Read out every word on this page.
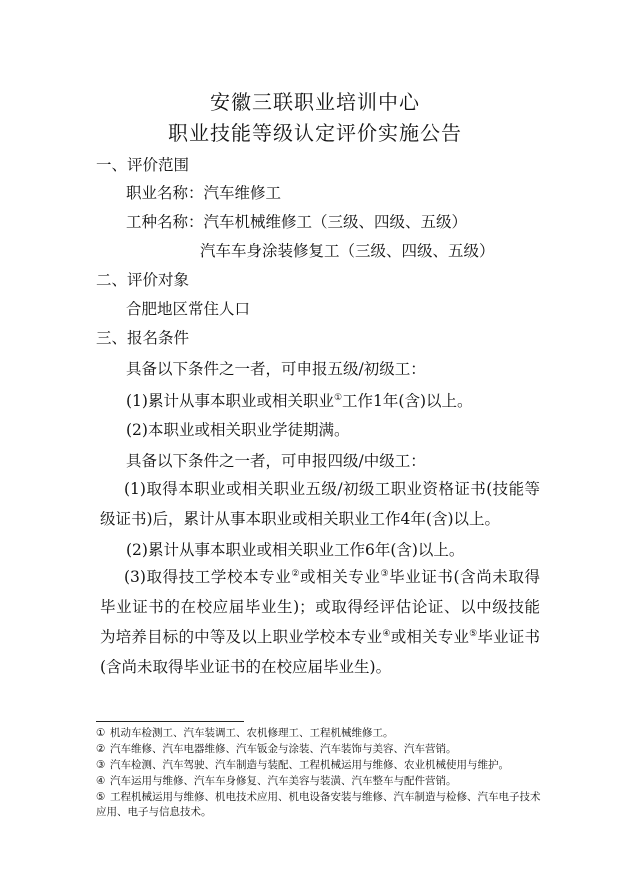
安徽三联职业培训中心
职业技能等级认定评价实施公告
一、评价范围
职业名称：汽车维修工
工种名称：汽车机械维修工（三级、四级、五级）
汽车车身涂装修复工（三级、四级、五级）
二、评价对象
合肥地区常住人口
三、报名条件
具备以下条件之一者，可申报五级/初级工：
(1)累计从事本职业或相关职业①工作1年(含)以上。
(2)本职业或相关职业学徒期满。
具备以下条件之一者，可申报四级/中级工：
(1)取得本职业或相关职业五级/初级工职业资格证书(技能等级证书)后，累计从事本职业或相关职业工作4年(含)以上。
(2)累计从事本职业或相关职业工作6年(含)以上。
(3)取得技工学校本专业②或相关专业③毕业证书(含尚未取得毕业证书的在校应届毕业生)；或取得经评估论证、以中级技能为培养目标的中等及以上职业学校本专业④或相关专业⑤毕业证书(含尚未取得毕业证书的在校应届毕业生)。
① 机动车检测工、汽车装调工、农机修理工、工程机械维修工。
② 汽车维修、汽车电器维修、汽车钣金与涂装、汽车装饰与美容、汽车营销。
③ 汽车检测、汽车驾驶、汽车制造与装配、工程机械运用与维修、农业机械使用与维护。
④ 汽车运用与维修、汽车车身修复、汽车美容与装潢、汽车整车与配件营销。
⑤ 工程机械运用与维修、机电技术应用、机电设备安装与维修、汽车制造与检修、汽车电子技术应用、电子与信息技术。
